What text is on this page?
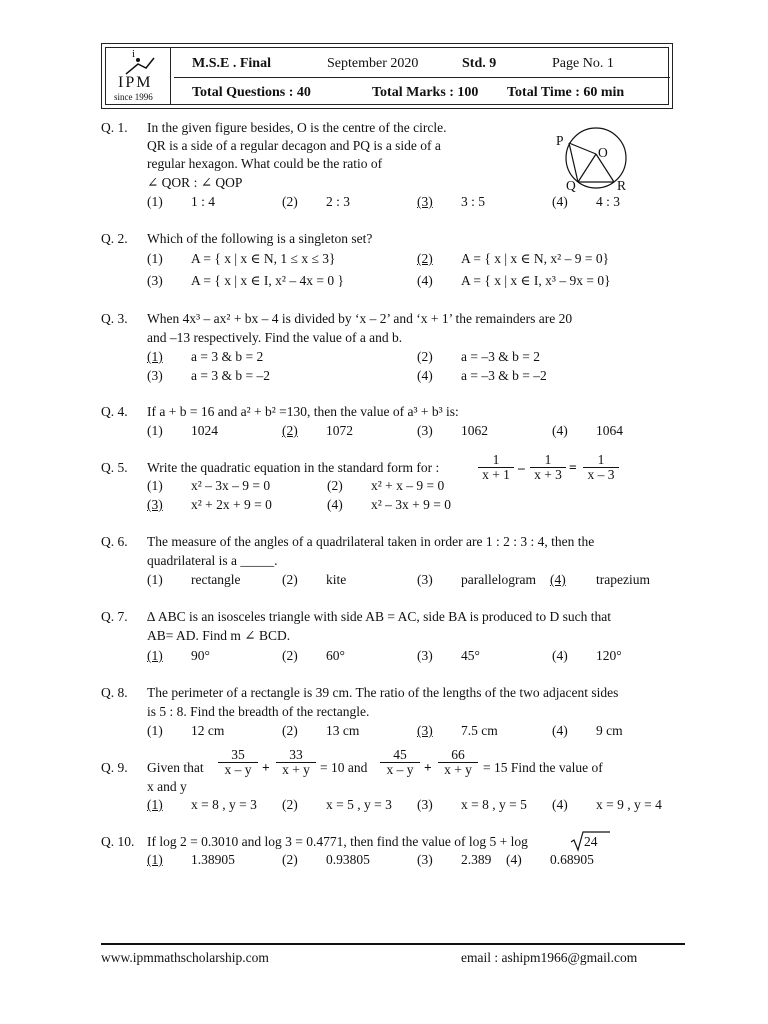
i
IPM
since 1996
M.S.E . Final	September 2020	Std. 9	Page No. 1
Total Questions : 40	Total Marks : 100 Total Time : 60 min
Q. 1. In the given figure besides, O is the centre of the circle.
QR is a side of a regular decagon and PQ is a side of a
regular hexagon. What could be the ratio of
∠ QOR : ∠ QOP
(1) 1 : 4	(2) 2 : 3	(3) 3 : 5	(4) 4 : 3
P
O
Q	R
Q. 2. Which of the following is a singleton set?
(1) A = { x | x ∈ N, 1 ≤ x ≤ 3}	(2) A = { x | x ∈ N, x² – 9 = 0}
(3) A = { x | x ∈ I, x² – 4x = 0 }	(4) A = { x | x ∈ I, x³ – 9x = 0}
Q. 3. When 4x³ – ax² + bx – 4 is divided by ‘x – 2’ and ‘x + 1’ the remainders are 20
and –13 respectively. Find the value of a and b.
(1) a = 3 & b = 2	(2) a = –3 & b = 2
(3) a = 3 & b = –2	(4) a = –3 & b = –2
Q. 4. If a + b = 16 and a² + b² =130, then the value of a³ + b³ is:
(1) 1024	(2) 1072	(3) 1062	(4) 1064
Q. 5. Write the quadratic equation in the standard form for :	$\frac{1}{x + 1} - \frac{1}{x + 3} = \frac{1}{x - 3}$
(1) x² – 3x – 9 = 0	(2) x² + x – 9 = 0
(3) x² + 2x + 9 = 0	(4) x² – 3x + 9 = 0
Q. 6. The measure of the angles of a quadrilateral taken in order are 1 : 2 : 3 : 4, then the
quadrilateral is a _____.
(1) rectangle	(2) kite	(3) parallelogram (4) trapezium
Q. 7. ∆ ABC is an isosceles triangle with side AB = AC, side BA is produced to D such that
AB= AD. Find m ∠ BCD.
(1) 90°	(2) 60°	(3) 45°	(4) 120°
Q. 8. The perimeter of a rectangle is 39 cm. The ratio of the lengths of the two adjacent sides
is 5 : 8. Find the breadth of the rectangle.
(1) 12 cm	(2) 13 cm	(3) 7.5 cm	(4) 9 cm
Q. 9. Given that $\frac{35}{x - y} + \frac{33}{x + y} = 10$ and $\frac{45}{x - y} + \frac{66}{x + y} = 15$ Find the value of
x and y
(1) x = 8 , y = 3 (2) x = 5 , y = 3 (3) x = 8 , y = 5 (4) x = 9 , y = 4
Q. 10. If log 2 = 0.3010 and log 3 = 0.4771, then find the value of log 5 + log	24
(1) 1.38905	(2) 0.93805	(3) 2.389 (4) 0.68905
www.ipmmathscholarship.com	email : ashipm1966@gmail.com
